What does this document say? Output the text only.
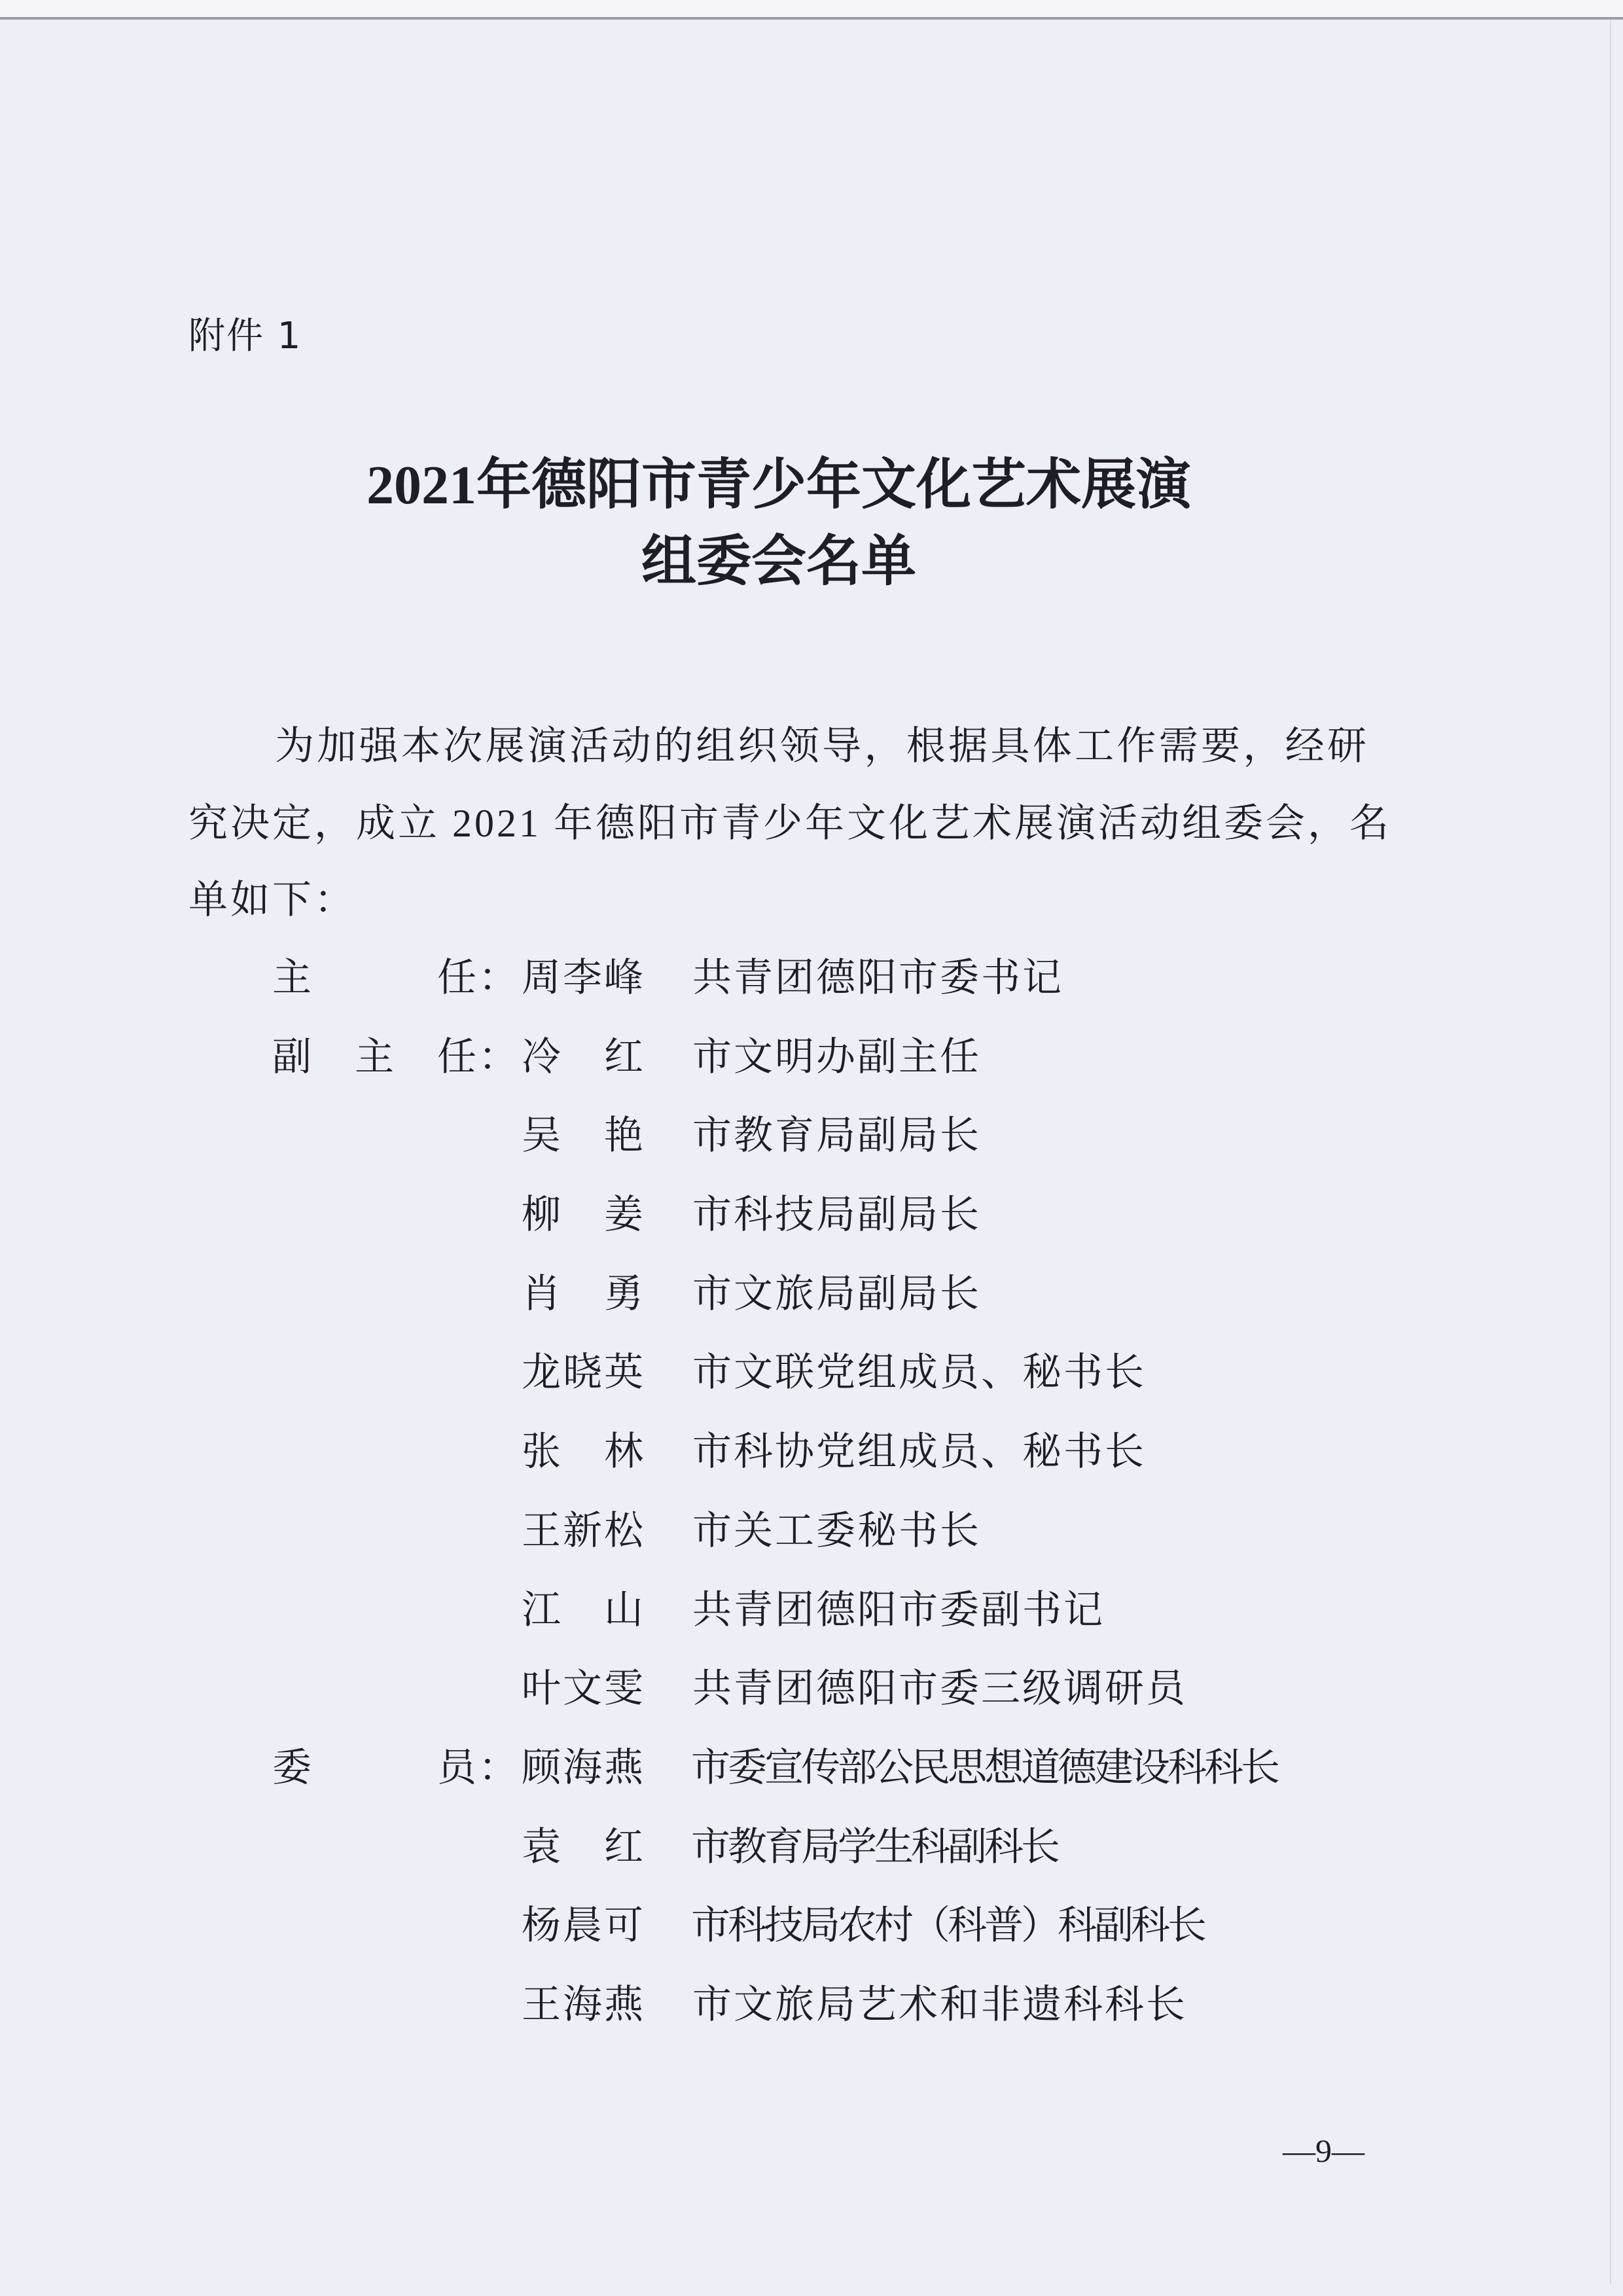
附件 1
2021年德阳市青少年文化艺术展演
组委会名单
为加强本次展演活动的组织领导，根据具体工作需要，经研
究决定，成立 2021 年德阳市青少年文化艺术展演活动组委会，名
单如下：
主　　　任： 周李峰 共青团德阳市委书记
副　主　任： 冷　红 市文明办副主任
吴　艳 市教育局副局长
柳　姜 市科技局副局长
肖　勇 市文旅局副局长
龙晓英 市文联党组成员、秘书长
张　林 市科协党组成员、秘书长
王新松 市关工委秘书长
江　山 共青团德阳市委副书记
叶文雯 共青团德阳市委三级调研员
委　　　员： 顾海燕 市委宣传部公民思想道德建设科科长
袁　红 市教育局学生科副科长
杨晨可 市科技局农村（科普）科副科长
王海燕 市文旅局艺术和非遗科科长
—9—
